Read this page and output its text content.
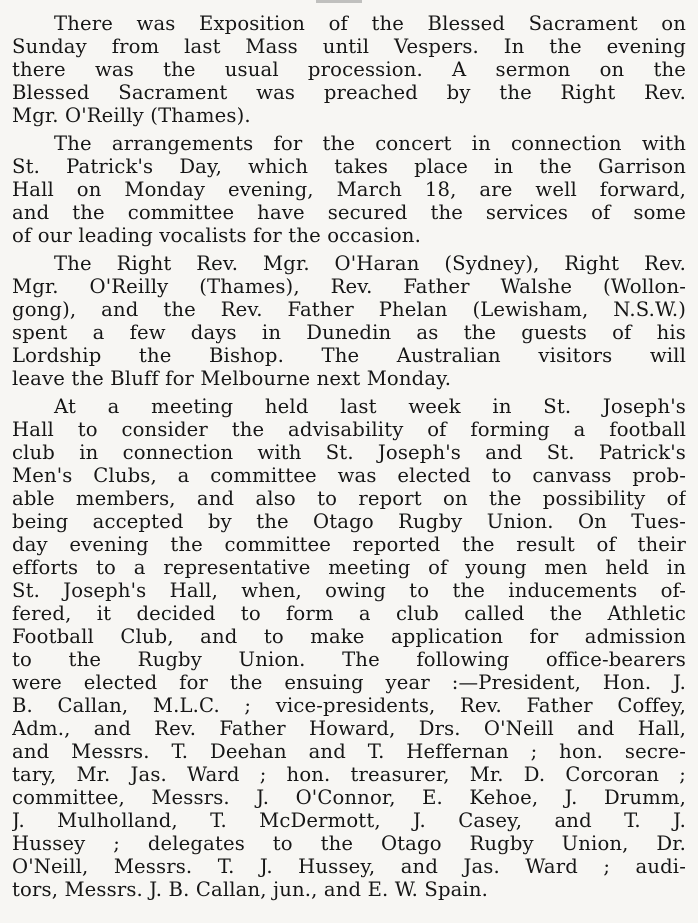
There was Exposition of the Blessed Sacrament on
Sunday from last Mass until Vespers. In the evening
there was the usual procession. A sermon on the
Blessed Sacrament was preached by the Right Rev.
Mgr. O'Reilly (Thames).
The arrangements for the concert in connection with
St. Patrick's Day, which takes place in the Garrison
Hall on Monday evening, March 18, are well forward,
and the committee have secured the services of some
of our leading vocalists for the occasion.
The Right Rev. Mgr. O'Haran (Sydney), Right Rev.
Mgr. O'Reilly (Thames), Rev. Father Walshe (Wollon-
gong), and the Rev. Father Phelan (Lewisham, N.S.W.)
spent a few days in Dunedin as the guests of his
Lordship the Bishop. The Australian visitors will
leave the Bluff for Melbourne next Monday.
At a meeting held last week in St. Joseph's
Hall to consider the advisability of forming a football
club in connection with St. Joseph's and St. Patrick's
Men's Clubs, a committee was elected to canvass prob-
able members, and also to report on the possibility of
being accepted by the Otago Rugby Union. On Tues-
day evening the committee reported the result of their
efforts to a representative meeting of young men held in
St. Joseph's Hall, when, owing to the inducements of-
fered, it decided to form a club called the Athletic
Football Club, and to make application for admission
to the Rugby Union. The following office-bearers
were elected for the ensuing year :—President, Hon. J.
B. Callan, M.L.C. ; vice-presidents, Rev. Father Coffey,
Adm., and Rev. Father Howard, Drs. O'Neill and Hall,
and Messrs. T. Deehan and T. Heffernan ; hon. secre-
tary, Mr. Jas. Ward ; hon. treasurer, Mr. D. Corcoran ;
committee, Messrs. J. O'Connor, E. Kehoe, J. Drumm,
J. Mulholland, T. McDermott, J. Casey, and T. J.
Hussey ; delegates to the Otago Rugby Union, Dr.
O'Neill, Messrs. T. J. Hussey, and Jas. Ward ; audi-
tors, Messrs. J. B. Callan, jun., and E. W. Spain.
